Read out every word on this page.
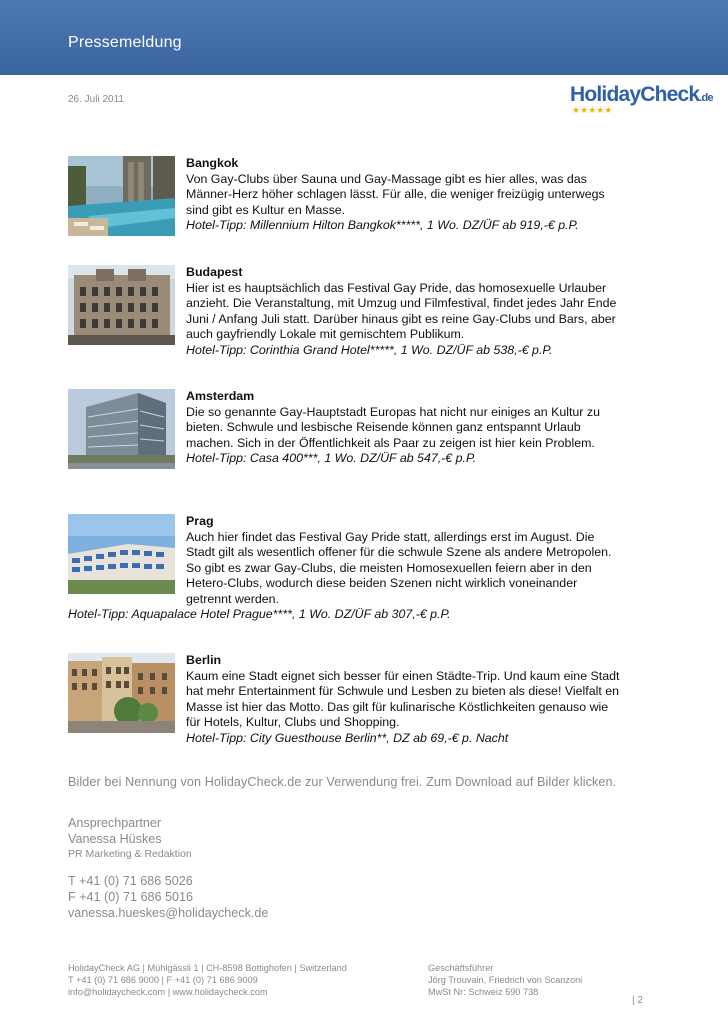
Pressemeldung
26. Juli 2011	HolidayCheck.de
★★★★★
Bangkok
Von Gay-Clubs über Sauna und Gay-Massage gibt es hier alles, was das
Männer-Herz höher schlagen lässt. Für alle, die weniger freizügig unterwegs
sind gibt es Kultur en Masse.
Hotel-Tipp: Millennium Hilton Bangkok*****, 1 Wo. DZ/ÜF ab 919,-€ p.P.
Budapest
Hier ist es hauptsächlich das Festival Gay Pride, das homosexuelle Urlauber
anzieht. Die Veranstaltung, mit Umzug und Filmfestival, findet jedes Jahr Ende
Juni / Anfang Juli statt. Darüber hinaus gibt es reine Gay-Clubs und Bars, aber
auch gayfriendly Lokale mit gemischtem Publikum.
Hotel-Tipp: Corinthia Grand Hotel*****, 1 Wo. DZ/ÜF ab 538,-€ p.P.
Amsterdam
Die so genannte Gay-Hauptstadt Europas hat nicht nur einiges an Kultur zu
bieten. Schwule und lesbische Reisende können ganz entspannt Urlaub
machen. Sich in der Öffentlichkeit als Paar zu zeigen ist hier kein Problem.
Hotel-Tipp: Casa 400***, 1 Wo. DZ/ÜF ab 547,-€ p.P.
Prag
Auch hier findet das Festival Gay Pride statt, allerdings erst im August. Die
Stadt gilt als wesentlich offener für die schwule Szene als andere Metropolen.
So gibt es zwar Gay-Clubs, die meisten Homosexuellen feiern aber in den
Hetero-Clubs, wodurch diese beiden Szenen nicht wirklich voneinander
getrennt werden.
Hotel-Tipp: Aquapalace Hotel Prague****, 1 Wo. DZ/ÜF ab 307,-€ p.P.
Berlin
Kaum eine Stadt eignet sich besser für einen Städte-Trip. Und kaum eine Stadt
hat mehr Entertainment für Schwule und Lesben zu bieten als diese! Vielfalt en
Masse ist hier das Motto. Das gilt für kulinarische Köstlichkeiten genauso wie
für Hotels, Kultur, Clubs und Shopping.
Hotel-Tipp: City Guesthouse Berlin**, DZ ab 69,-€ p. Nacht
Bilder bei Nennung von HolidayCheck.de zur Verwendung frei. Zum Download auf Bilder klicken.
Ansprechpartner
Vanessa Hüskes
PR Marketing & Redaktion
T +41 (0) 71 686 5026
F +41 (0) 71 686 5016
vanessa.hueskes@holidaycheck.de
HolidayCheck AG | Mühlgässli 1 | CH-8598 Bottighofen | Switzerland
T +41 (0) 71 686 9000 | F +41 (0) 71 686 9009
info@holidaycheck.com | www.holidaycheck.com
Geschäftsführer
Jörg Trouvain, Friedrich von Scanzoni
MwSt Nr: Schweiz 590 738
| 2
